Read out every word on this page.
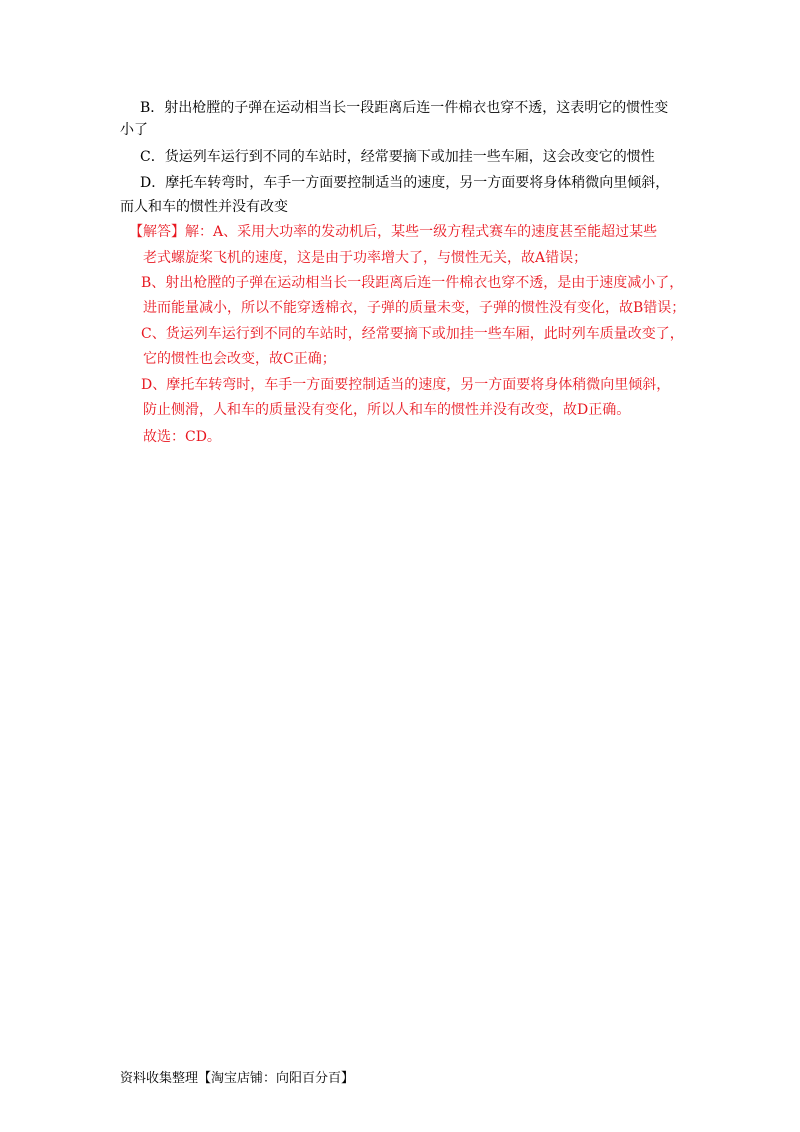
B．射出枪膛的子弹在运动相当长一段距离后连一件棉衣也穿不透，这表明它的惯性变
小了
C．货运列车运行到不同的车站时，经常要摘下或加挂一些车厢，这会改变它的惯性
D．摩托车转弯时，车手一方面要控制适当的速度，另一方面要将身体稍微向里倾斜，
而人和车的惯性并没有改变
【解答】解：A、采用大功率的发动机后，某些一级方程式赛车的速度甚至能超过某些
老式螺旋桨飞机的速度，这是由于功率增大了，与惯性无关，故A错误；
B、射出枪膛的子弹在运动相当长一段距离后连一件棉衣也穿不透，是由于速度减小了，
进而能量减小，所以不能穿透棉衣，子弹的质量未变，子弹的惯性没有变化，故B错误；
C、货运列车运行到不同的车站时，经常要摘下或加挂一些车厢，此时列车质量改变了，
它的惯性也会改变，故C正确；
D、摩托车转弯时，车手一方面要控制适当的速度，另一方面要将身体稍微向里倾斜，
防止侧滑，人和车的质量没有变化，所以人和车的惯性并没有改变，故D正确。
故选：CD。
资料收集整理【淘宝店铺：向阳百分百】
